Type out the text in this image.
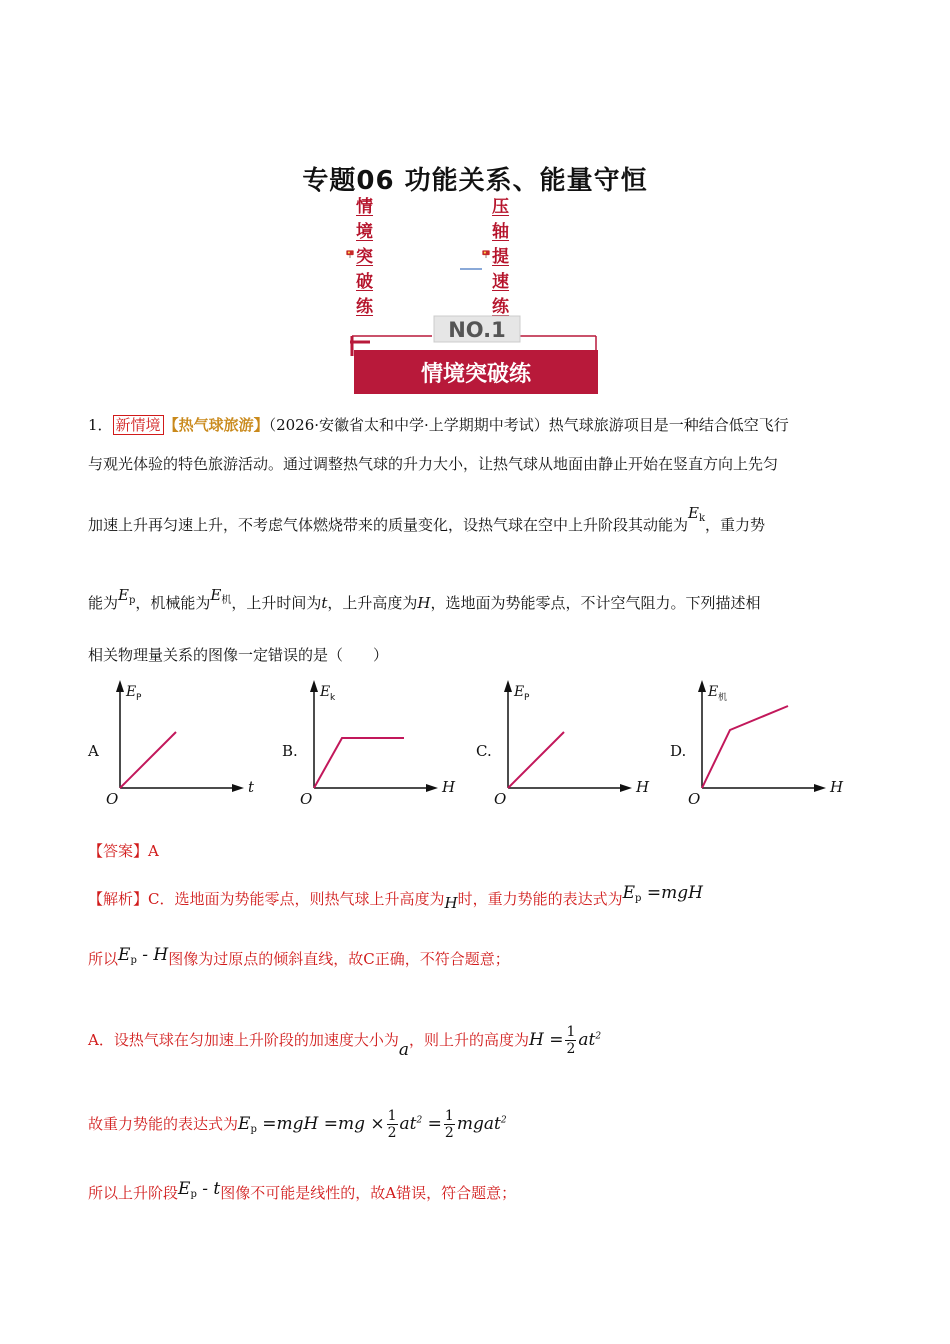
专题06 功能关系、能量守恒
情境突破练
压轴提速练
NO.1
情境突破练
1． 新情境 【热气球旅游】（2026·安徽省太和中学·上学期期中考试）热气球旅游项目是一种结合低空飞行
与观光体验的特色旅游活动。通过调整热气球的升力大小，让热气球从地面由静止开始在竖直方向上先匀
加速上升再匀速上升，不考虑气体燃烧带来的质量变化，设热气球在空中上升阶段其动能为$E_k$，重力势
能为$E_p$，机械能为$E_机$，上升时间为t，上升高度为H，选地面为势能零点，不计空气阻力。下列描述相
相关物理量关系的图像一定错误的是（　　）
A
E P
t
O
B.
E k
H
O
C.
E P
H
O
D.
E 机
H
O
【答案】A
【解析】C．选地面为势能零点，则热气球上升高度为H时，重力势能的表达式为$E_p =mgH$
所以$E_p$ - H图像为过原点的倾斜直线，故C正确，不符合题意；
A．设热气球在匀加速上升阶段的加速度大小为a，则上升的高度为$H = \frac{1}{2} at^2$
故重力势能的表达式为$E_p =mgH =mg \times \frac{1}{2} at^2 = \frac{1}{2}$ mgat$^2$
所以上升阶段$E_p$ - t图像不可能是线性的，故A错误，符合题意；
